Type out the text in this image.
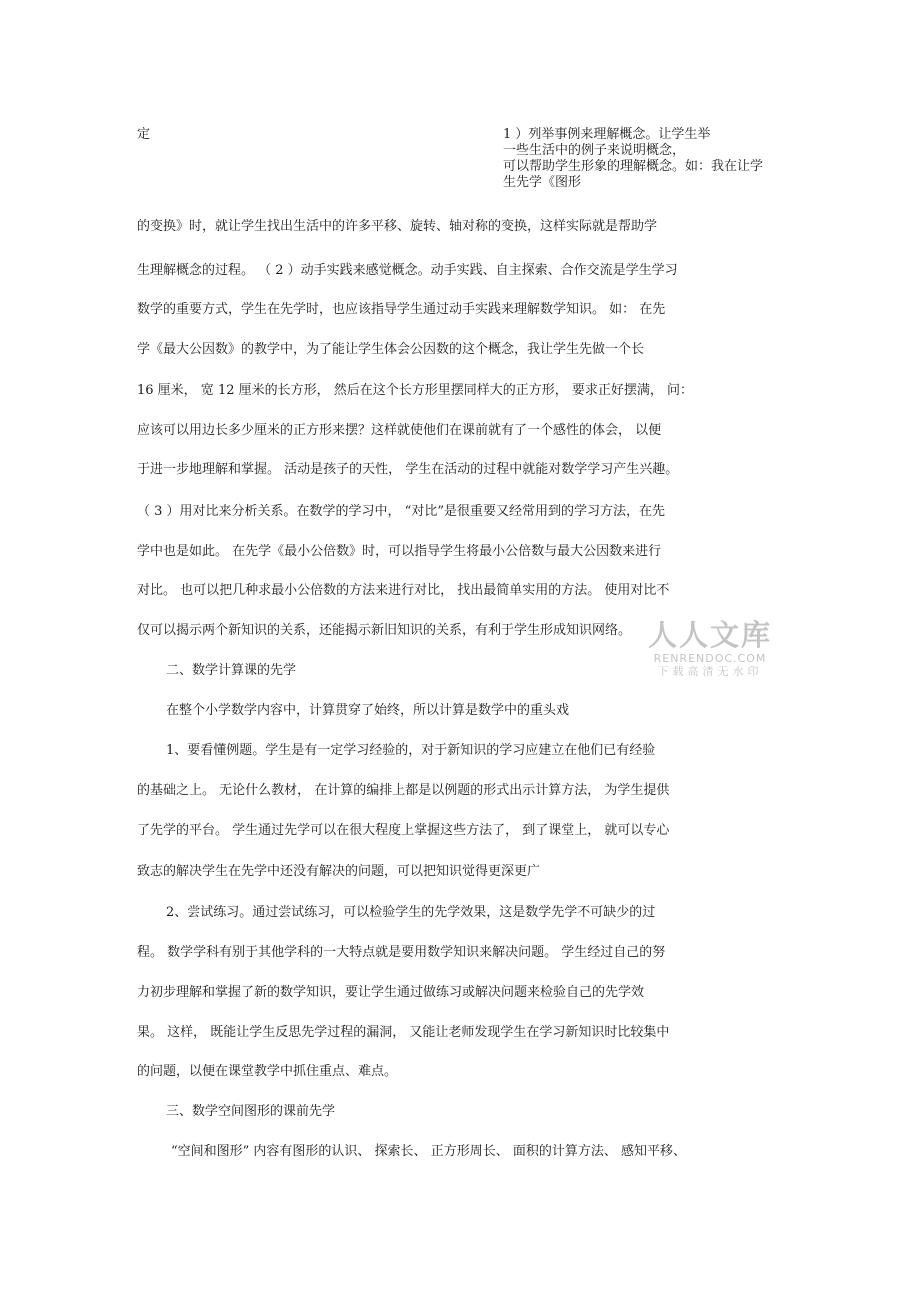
定	1 ）列举事例来理解概念。让学生举
一些生活中的例子来说明概念，
可以帮助学生形象的理解概念。如：我在让学
生先学《图形
的变换》时，就让学生找出生活中的许多平移、旋转、轴对称的变换，这样实际就是帮助学
生理解概念的过程。 （ 2 ）动手实践来感觉概念。动手实践、自主探索、合作交流是学生学习
数学的重要方式，学生在先学时，也应该指导学生通过动手实践来理解数学知识。 如： 在先
学《最大公因数》的教学中，为了能让学生体会公因数的这个概念，我让学生先做一个长
16 厘米， 宽 12 厘米的长方形， 然后在这个长方形里摆同样大的正方形， 要求正好摆满， 问：
应该可以用边长多少厘米的正方形来摆？这样就使他们在课前就有了一个感性的体会， 以便
于进一步地理解和掌握。 活动是孩子的天性， 学生在活动的过程中就能对数学学习产生兴趣。
（ 3 ）用对比来分析关系。在数学的学习中， “对比”是很重要又经常用到的学习方法，在先
学中也是如此。 在先学《最小公倍数》时，可以指导学生将最小公倍数与最大公因数来进行
对比。 也可以把几种求最小公倍数的方法来进行对比， 找出最简单实用的方法。 使用对比不
仅可以揭示两个新知识的关系，还能揭示新旧知识的关系，有利于学生形成知识网络。
二、数学计算课的先学
在整个小学数学内容中，计算贯穿了始终，所以计算是数学中的重头戏
1、要看懂例题。学生是有一定学习经验的，对于新知识的学习应建立在他们已有经验
的基础之上。 无论什么教材， 在计算的编排上都是以例题的形式出示计算方法， 为学生提供
了先学的平台。 学生通过先学可以在很大程度上掌握这些方法了， 到了课堂上， 就可以专心
致志的解决学生在先学中还没有解决的问题，可以把知识觉得更深更广
2、尝试练习。通过尝试练习，可以检验学生的先学效果，这是数学先学不可缺少的过
程。 数学学科有别于其他学科的一大特点就是要用数学知识来解决问题。 学生经过自己的努
力初步理解和掌握了新的数学知识，要让学生通过做练习或解决问题来检验自己的先学效
果。 这样， 既能让学生反思先学过程的漏洞， 又能让老师发现学生在学习新知识时比较集中
的问题，以便在课堂教学中抓住重点、难点。
三、数学空间图形的课前先学
“空间和图形” 内容有图形的认识、 探索长、 正方形周长、 面积的计算方法、 感知平移、
人人文库
RENRENDOC.COM
下载高清无水印
